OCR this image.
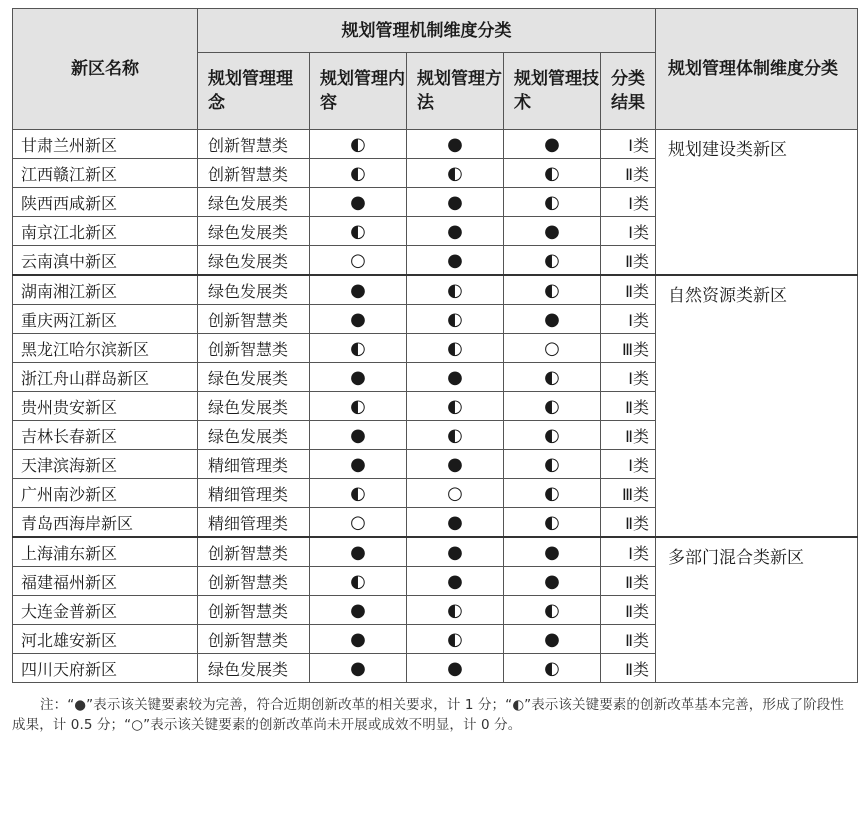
新区名称	规划管理机制维度分类					规划管理体制维度分类
	规划管理理念	规划管理内容	规划管理方法	规划管理技术	分类结果	
甘肃兰州新区	创新智慧类	◐	●	●	Ⅰ类	规划建设类新区
江西赣江新区	创新智慧类	◐	◐	◐	Ⅱ类	
陕西西咸新区	绿色发展类	●	●	◐	Ⅰ类	
南京江北新区	绿色发展类	◐	●	●	Ⅰ类	
云南滇中新区	绿色发展类	○	●	◐	Ⅱ类	
湖南湘江新区	绿色发展类	●	◐	◐	Ⅱ类	自然资源类新区
重庆两江新区	创新智慧类	●	◐	●	Ⅰ类	
黑龙江哈尔滨新区	创新智慧类	◐	◐	○	Ⅲ类	
浙江舟山群岛新区	绿色发展类	●	●	◐	Ⅰ类	
贵州贵安新区	绿色发展类	◐	◐	◐	Ⅱ类	
吉林长春新区	绿色发展类	●	◐	◐	Ⅱ类	
天津滨海新区	精细管理类	●	●	◐	Ⅰ类	
广州南沙新区	精细管理类	◐	○	◐	Ⅲ类	
青岛西海岸新区	精细管理类	○	●	◐	Ⅱ类	
上海浦东新区	创新智慧类	●	●	●	Ⅰ类	多部门混合类新区
福建福州新区	创新智慧类	◐	●	●	Ⅱ类	
大连金普新区	创新智慧类	●	◐	◐	Ⅱ类	
河北雄安新区	创新智慧类	●	◐	●	Ⅱ类	
四川天府新区	绿色发展类	●	●	◐	Ⅱ类	
注：“●”表示该关键要素较为完善，符合近期创新改革的相关要求，计 1 分；“◐”表示该关键要素的创新改革基本完善，形成了阶段性成果，计 0.5 分；“○”表示该关键要素的创新改革尚未开展或成效不明显，计 0 分。
